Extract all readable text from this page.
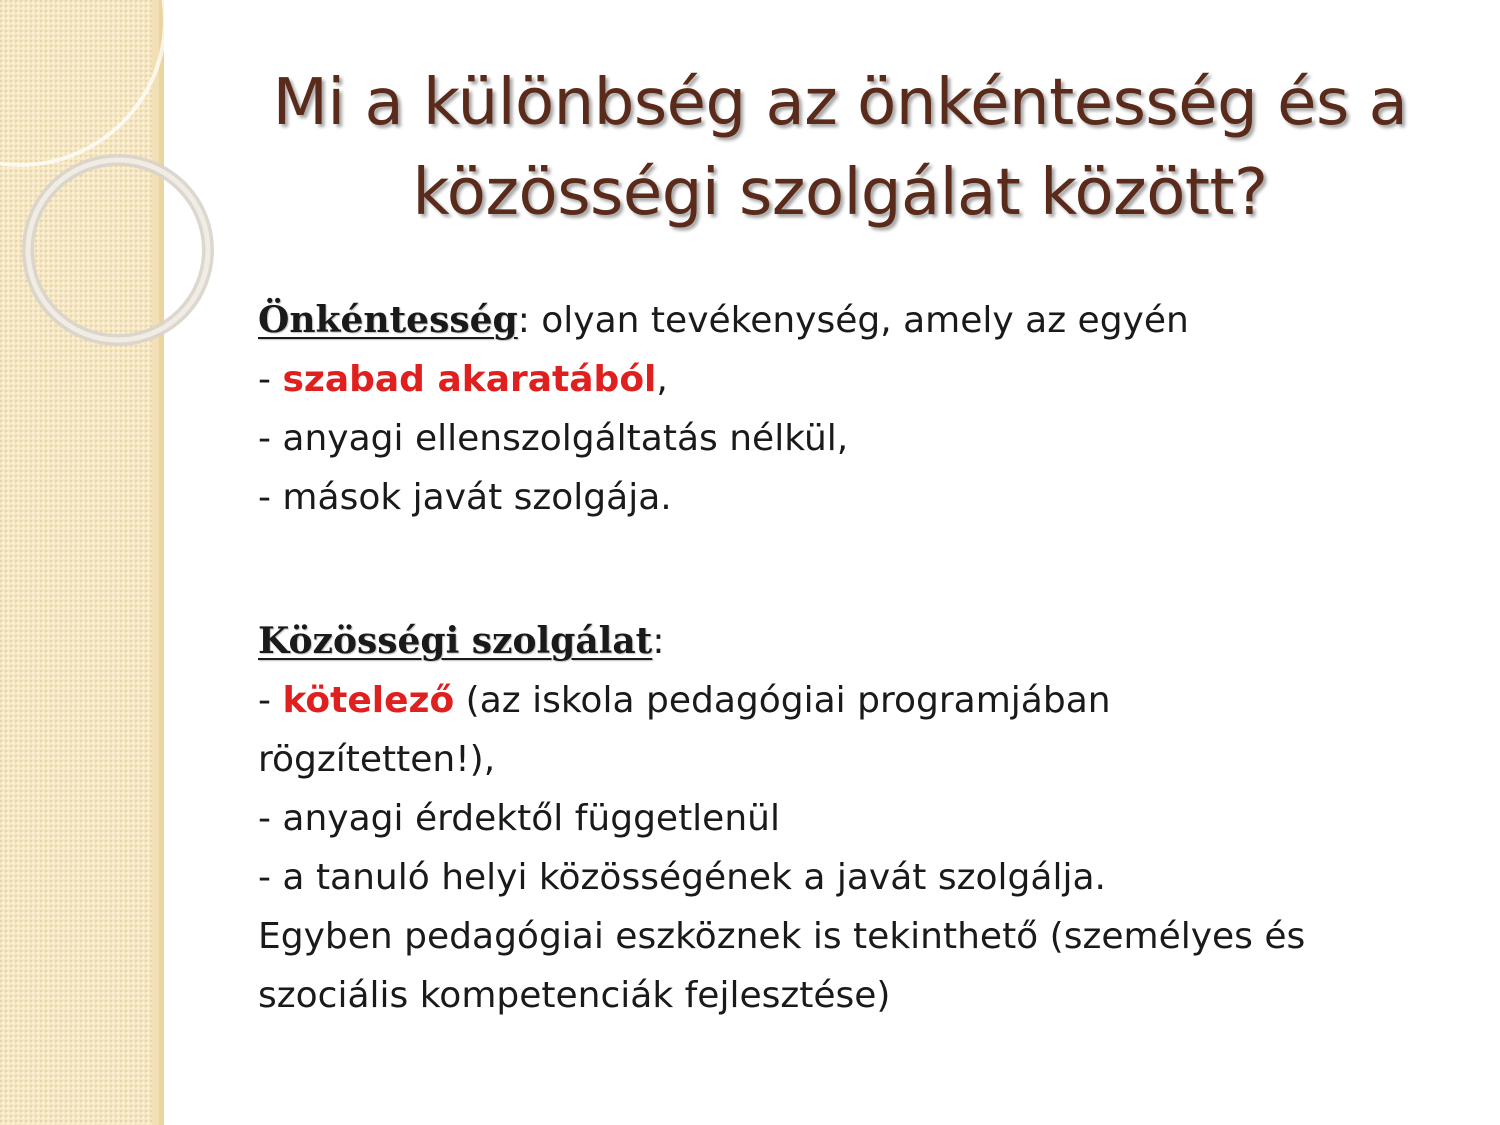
Mi a különbség az önkéntesség és a
közösségi szolgálat között?
Önkéntesség: olyan tevékenység, amely az egyén
- szabad akaratából,
- anyagi ellenszolgáltatás nélkül,
- mások javát szolgája.
Közösségi szolgálat:
- kötelező (az iskola pedagógiai programjában
rögzítetten!),
- anyagi érdektől függetlenül
- a tanuló helyi közösségének a javát szolgálja.
Egyben pedagógiai eszköznek is tekinthető (személyes és
szociális kompetenciák fejlesztése)
